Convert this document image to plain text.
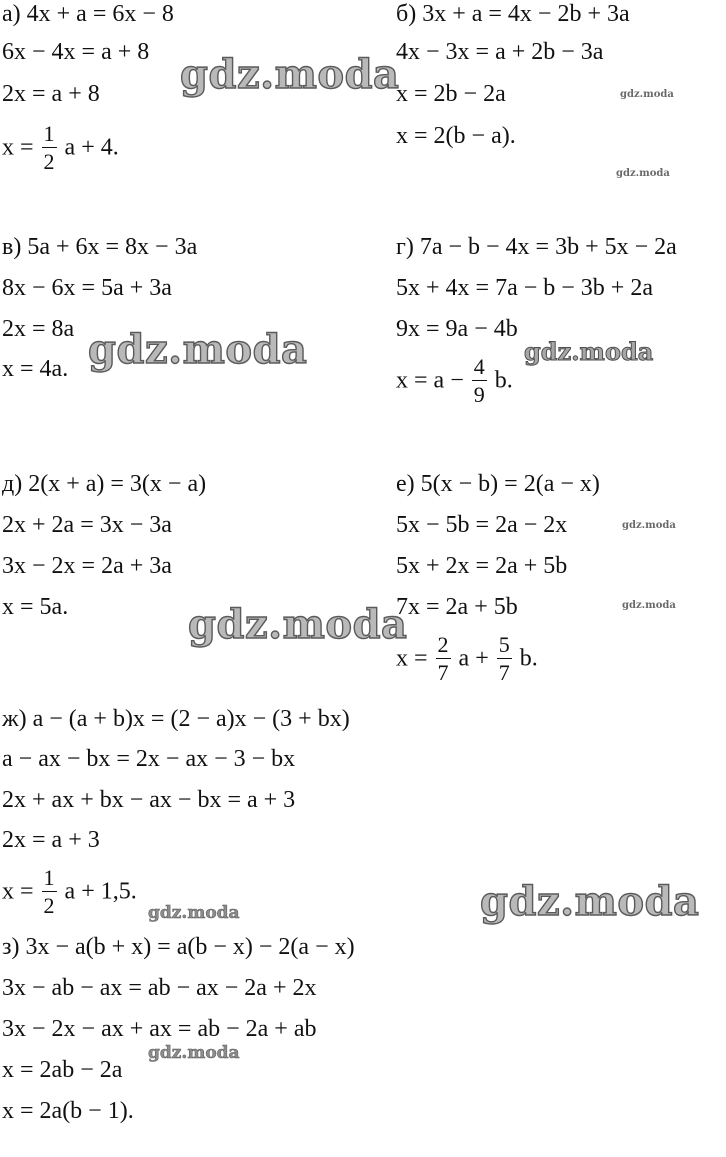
а) 4x + a = 6x − 8
6x − 4x = a + 8
2x = a + 8
$x = \frac{1}{2}$ a + 4.
б) 3x + a = 4x − 2b + 3a
4x − 3x = a + 2b − 3a
x = 2b − 2a
x = 2(b − a).
в) 5a + 6x = 8x − 3a
8x − 6x = 5a + 3a
2x = 8a
x = 4a.
г) 7a − b − 4x = 3b + 5x − 2a
5x + 4x = 7a − b − 3b + 2a
9x = 9a − 4b
$x = a - \frac{4}{9} b$.
д) 2(x + a) = 3(x − a)
2x + 2a = 3x − 3a
3x − 2x = 2a + 3a
x = 5a.
е) 5(x − b) = 2(a − x)
5x − 5b = 2a − 2x
5x + 2x = 2a + 5b
7x = 2a + 5b
$x = \frac{2}{7}$ $a + \frac{5}{7} b$.
ж) a − (a + b)x = (2 − a)x − (3 + bx)
a − ax − bx = 2x − ax − 3 − bx
2x + ax + bx − ax − bx = a + 3
2x = a + 3
$x = \frac{1}{2}$ a + 1,5.
з) 3x − a(b + x) = a(b − x) − 2(a − x)
3x − ab − ax = ab − ax − 2a + 2x
3x − 2x − ax + ax = ab − 2a + ab
x = 2ab − 2a
x = 2a(b − 1).
gdz.moda	gdz.moda
gdz.moda
gdz.moda	gdz.moda
gdz.moda
gdz.moda
gdz.moda
gdz.moda
gdz.moda
gdz.moda
